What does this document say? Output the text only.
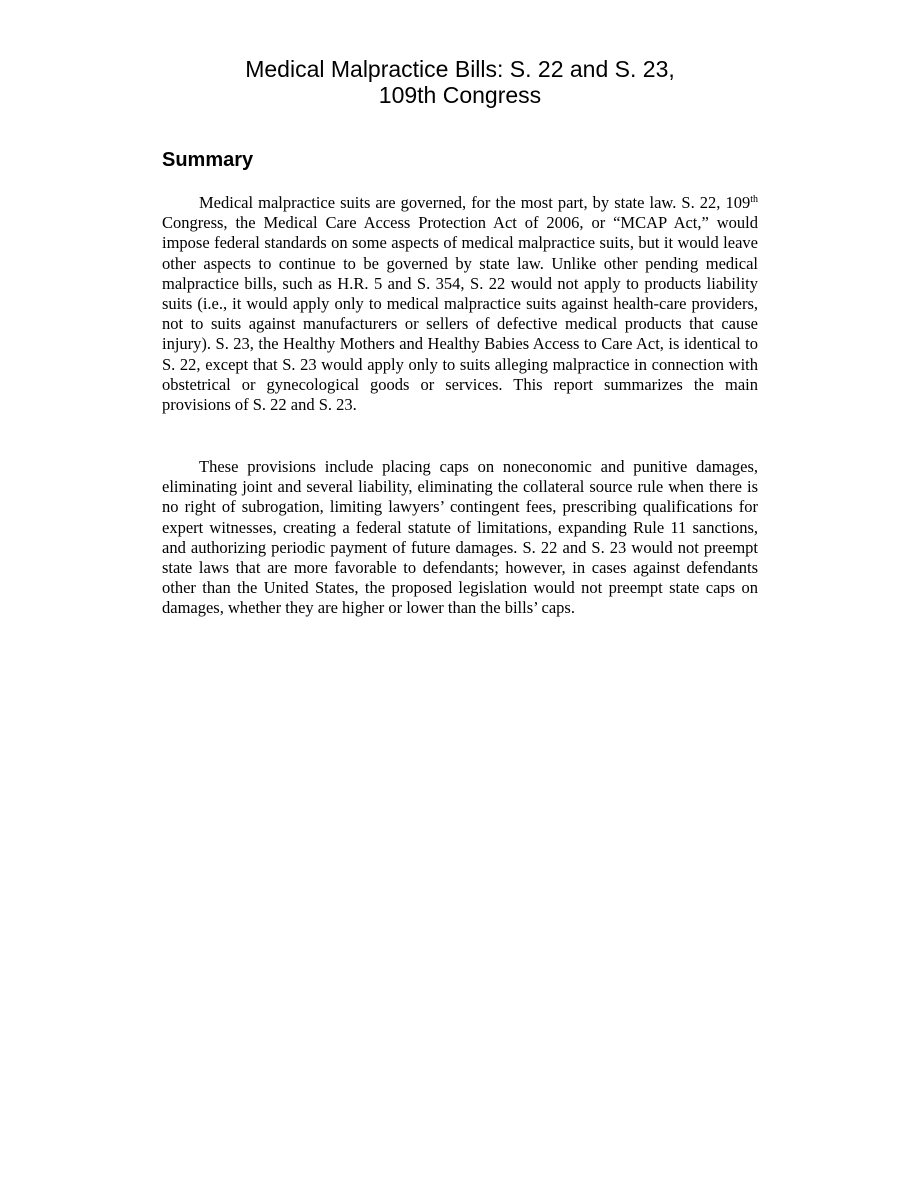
Medical Malpractice Bills: S. 22 and S. 23,
109th Congress
Summary

Medical malpractice suits are governed, for the most part, by state law. S. 22, 109th Congress, the Medical Care Access Protection Act of 2006, or “MCAP Act,” would impose federal standards on some aspects of medical malpractice suits, but it would leave other aspects to continue to be governed by state law. Unlike other pending medical malpractice bills, such as H.R. 5 and S. 354, S. 22 would not apply to products liability suits (i.e., it would apply only to medical malpractice suits against health-care providers, not to suits against manufacturers or sellers of defective medical products that cause injury). S. 23, the Healthy Mothers and Healthy Babies Access to Care Act, is identical to S. 22, except that S. 23 would apply only to suits alleging malpractice in connection with obstetrical or gynecological goods or services. This report summarizes the main provisions of S. 22 and S. 23.

These provisions include placing caps on noneconomic and punitive damages, eliminating joint and several liability, eliminating the collateral source rule when there is no right of subrogation, limiting lawyers’ contingent fees, prescribing qualifications for expert witnesses, creating a federal statute of limitations, expanding Rule 11 sanctions, and authorizing periodic payment of future damages. S. 22 and S. 23 would not preempt state laws that are more favorable to defendants; however, in cases against defendants other than the United States, the proposed legislation would not preempt state caps on damages, whether they are higher or lower than the bills’ caps.
